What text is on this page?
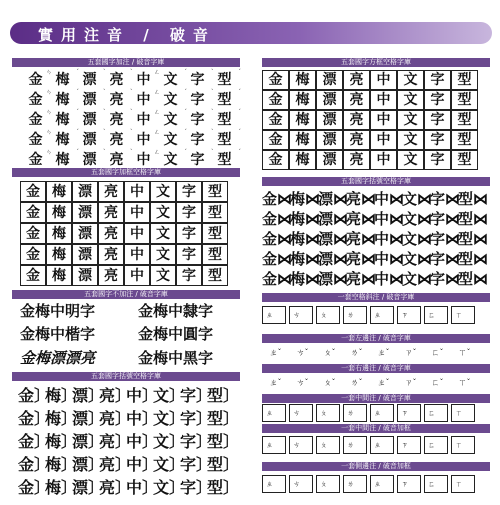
實用注音 / 破音
五套國字加注 / 破音字庫
金 ㄣ 梅 ˊ 漂 ˋ 亮 ˋ 中 ㄥ 文 ˊ 字 ˋ 型 ˊ
金 ㄣ 梅 ˊ 漂 ˋ 亮 ˋ 中 ㄥ 文 ˊ 字 ˋ 型 ˊ
金 ㄣ 梅 ˊ 漂 ˋ 亮 ˋ 中 ㄥ 文 ˊ 字 ˋ 型 ˊ
金 ㄣ 梅 ˊ 漂 ˋ 亮 ˋ 中 ㄥ 文 ˊ 字 ˋ 型 ˊ
金 ㄣ 梅 ˊ 漂 ˋ 亮 ˋ 中 ㄥ 文 ˊ 字 ˋ 型 ˊ
五套國字加框空格字庫
金 梅 漂 亮 中 文 字 型
金 梅 漂 亮 中 文 字 型
金 梅 漂 亮 中 文 字 型
金 梅 漂 亮 中 文 字 型
金 梅 漂 亮 中 文 字 型
五套國字不加注 / 破音字庫
金梅中明字	金梅中隸字
金梅中楷字	金梅中圓字
金梅漂漂亮	金梅中黑字
五套國字括號空格字庫
金〕梅〕漂〕亮〕中〕文〕字〕型〕
金〕梅〕漂〕亮〕中〕文〕字〕型〕
金〕梅〕漂〕亮〕中〕文〕字〕型〕
金〕梅〕漂〕亮〕中〕文〕字〕型〕
金〕梅〕漂〕亮〕中〕文〕字〕型〕
五套國字方框空格字庫
金 梅 漂 亮 中 文 字 型
金 梅 漂 亮 中 文 字 型
金 梅 漂 亮 中 文 字 型
金 梅 漂 亮 中 文 字 型
金 梅 漂 亮 中 文 字 型
五套國字括號空格字庫
金⋈梅⋈漂⋈亮⋈中⋈文⋈字⋈型⋈
金⋈梅⋈漂⋈亮⋈中⋈文⋈字⋈型⋈
金⋈梅⋈漂⋈亮⋈中⋈文⋈字⋈型⋈
金⋈梅⋈漂⋈亮⋈中⋈文⋈字⋈型⋈
金⋈梅⋈漂⋈亮⋈中⋈文⋈字⋈型⋈
一套空格斜注 / 破音字庫
ㄓ	ㄘ	ㄆ	ㄌ	ㄓ	ㄗ	ㄈ	ㄒ
一套左邊注 / 破音字庫
ㄓˇ	ㄘˇ	ㄆˇ	ㄌˇ	ㄓˇ	ㄗˇ	ㄈˇ	ㄒˇ
一套右邊注 / 破音字庫
ㄓˇ	ㄘˇ	ㄆˇ	ㄌˇ	ㄓˇ	ㄗˇ	ㄈˇ	ㄒˇ
一套中間注 / 破音字庫
ㄓ	ㄘ	ㄆ	ㄌ	ㄓ	ㄗ	ㄈ	ㄒ
一套中間注 / 破音加框
ㄓ	ㄘ	ㄆ	ㄌ	ㄓ	ㄗ	ㄈ	ㄒ
一套側邊注 / 破音加框
ㄓ	ㄘ	ㄆ	ㄌ	ㄓ	ㄗ	ㄈ	ㄒ
